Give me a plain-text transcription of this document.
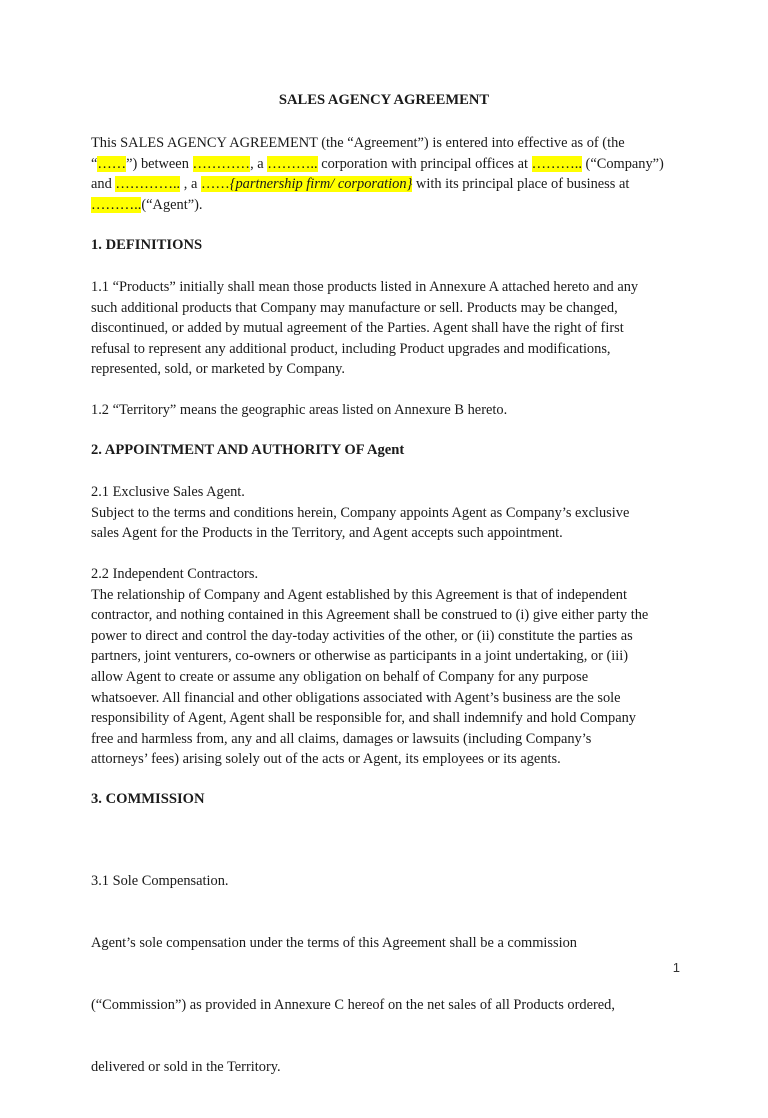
SALES AGENCY AGREEMENT
This SALES AGENCY AGREEMENT (the “Agreement”) is entered into effective as of (the
“……”) between …………, a ……….. corporation with principal offices at ……….. (“Company”)
and ………….. , a ……{partnership firm/ corporation} with its principal place of business at
………..(“Agent”).
1. DEFINITIONS
1.1 “Products” initially shall mean those products listed in Annexure A attached hereto and any
such additional products that Company may manufacture or sell. Products may be changed,
discontinued, or added by mutual agreement of the Parties. Agent shall have the right of first
refusal to represent any additional product, including Product upgrades and modifications,
represented, sold, or marketed by Company.
1.2 “Territory” means the geographic areas listed on Annexure B hereto.
2. APPOINTMENT AND AUTHORITY OF Agent
2.1 Exclusive Sales Agent.
Subject to the terms and conditions herein, Company appoints Agent as Company’s exclusive
sales Agent for the Products in the Territory, and Agent accepts such appointment.
2.2 Independent Contractors.
The relationship of Company and Agent established by this Agreement is that of independent
contractor, and nothing contained in this Agreement shall be construed to (i) give either party the
power to direct and control the day-today activities of the other, or (ii) constitute the parties as
partners, joint venturers, co-owners or otherwise as participants in a joint undertaking, or (iii)
allow Agent to create or assume any obligation on behalf of Company for any purpose
whatsoever. All financial and other obligations associated with Agent’s business are the sole
responsibility of Agent, Agent shall be responsible for, and shall indemnify and hold Company
free and harmless from, any and all claims, damages or lawsuits (including Company’s
attorneys’ fees) arising solely out of the acts or Agent, its employees or its agents.
3. COMMISSION

3.1 Sole Compensation.

Agent’s sole compensation under the terms of this Agreement shall be a commission

(“Commission”) as provided in Annexure C hereof on the net sales of all Products ordered,

delivered or sold in the Territory.

1
